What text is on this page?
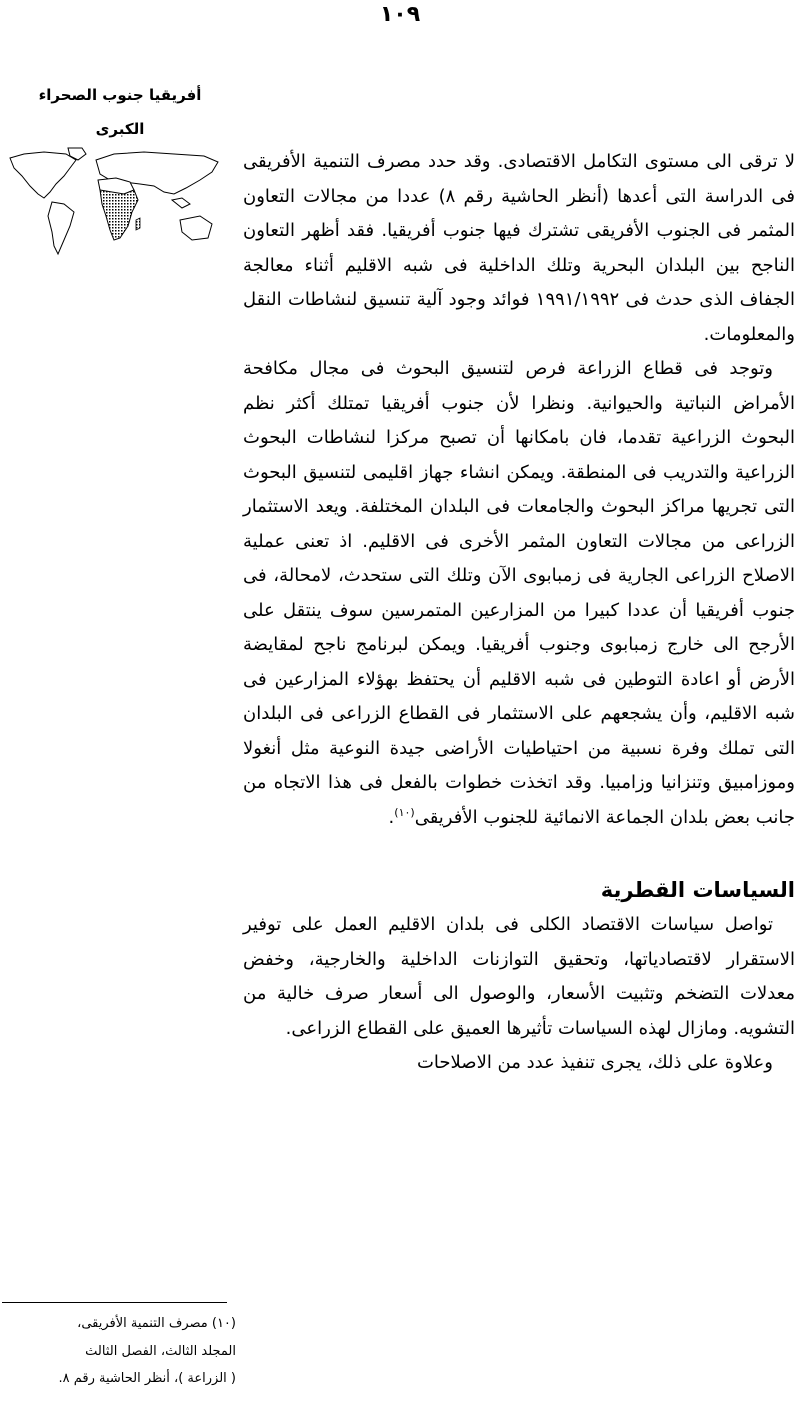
١٠٩
أفريقيا جنوب الصحراء
الكبرى

لا ترقى الى مستوى التكامل الاقتصادى. وقد حدد مصرف التنمية الأفريقى فى الدراسة التى أعدها (أنظر الحاشية رقم ٨) عددا من مجالات التعاون المثمر فى الجنوب الأفريقى تشترك فيها جنوب أفريقيا. فقد أظهر التعاون الناجح بين البلدان البحرية وتلك الداخلية فى شبه الاقليم أثناء معالجة الجفاف الذى حدث فى ١٩٩١/١٩٩٢ فوائد وجود آلية تنسيق لنشاطات النقل والمعلومات.

وتوجد فى قطاع الزراعة فرص لتنسيق البحوث فى مجال مكافحة الأمراض النباتية والحيوانية. ونظرا لأن جنوب أفريقيا تمتلك أكثر نظم البحوث الزراعية تقدما، فان بامكانها أن تصبح مركزا لنشاطات البحوث الزراعية والتدريب فى المنطقة. ويمكن انشاء جهاز اقليمى لتنسيق البحوث التى تجريها مراكز البحوث والجامعات فى البلدان المختلفة. ويعد الاستثمار الزراعى من مجالات التعاون المثمر الأخرى فى الاقليم. اذ تعنى عملية الاصلاح الزراعى الجارية فى زمبابوى الآن وتلك التى ستحدث، لامحالة، فى جنوب أفريقيا أن عددا كبيرا من المزارعين المتمرسين سوف ينتقل على الأرجح الى خارج زمبابوى وجنوب أفريقيا. ويمكن لبرنامج ناجح لمقايضة الأرض أو اعادة التوطين فى شبه الاقليم أن يحتفظ بهؤلاء المزارعين فى شبه الاقليم، وأن يشجعهم على الاستثمار فى القطاع الزراعى فى البلدان التى تملك وفرة نسبية من احتياطيات الأراضى جيدة النوعية مثل أنغولا وموزامبيق وتنزانيا وزامبيا. وقد اتخذت خطوات بالفعل فى هذا الاتجاه من جانب بعض بلدان الجماعة الانمائية للجنوب الأفريقى$^{(١٠)}$.

السياسات القطرية

تواصل سياسات الاقتصاد الكلى فى بلدان الاقليم العمل على توفير الاستقرار لاقتصادياتها، وتحقيق التوازنات الداخلية والخارجية، وخفض معدلات التضخم وتثبيت الأسعار، والوصول الى أسعار صرف خالية من التشويه. ومازال لهذه السياسات تأثيرها العميق على القطاع الزراعى.

وعلاوة على ذلك، يجرى تنفيذ عدد من الاصلاحات

(١٠) مصرف التنمية الأفريقى،

المجلد الثالث، الفصل الثالث

( الزراعة )، أنظر الحاشية رقم ٨.
